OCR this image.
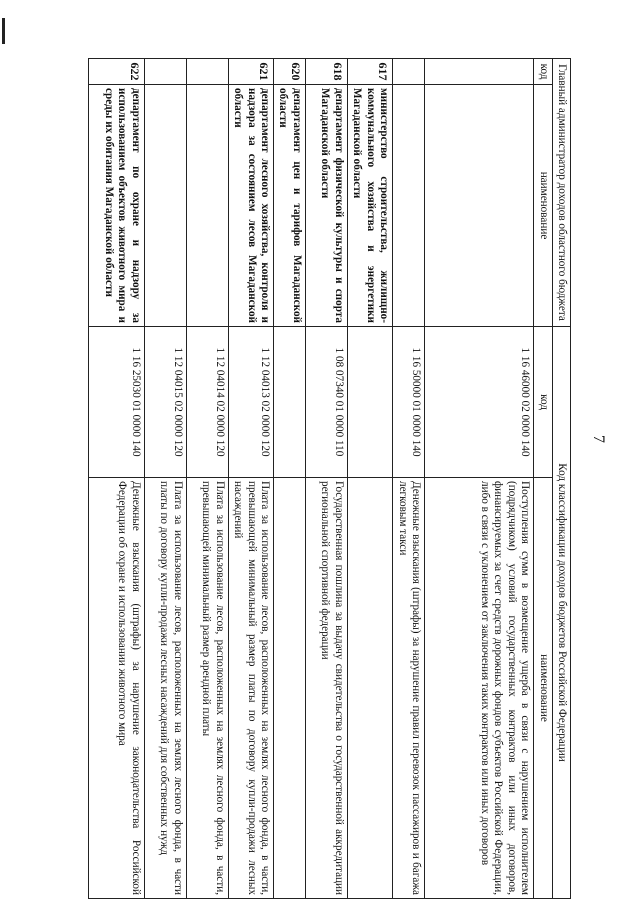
7
Главный администратор доходов областного бюджета		Код классификации доходов бюджетов Российской Федерации	
код	наименование	код	наименование
		1 16 46000 02 0000 140	Поступления сумм в возмещение ущерба в связи с нарушением исполнителем (подрядчиком) условий государственных контрактов или иных договоров, финансируемых за счет средств дорожных фондов субъектов Российской Федерации, либо в связи с уклонением от заключения таких контрактов или иных договоров
		1 16 50000 01 0000 140	Денежные взыскания (штрафы) за нарушение правил перевозок пассажиров и багажа легковым такси
617	министерство строительства, жилищно-коммунального хозяйства и энергетики Магаданской области		
618	департамент физической культуры и спорта Магаданской области	1 08 07340 01 0000 110	Государственная пошлина за выдачу свидетельства о государственной аккредитации региональной спортивной федерации
620	департамент цен и тарифов Магаданской области		
621	департамент лесного хозяйства, контроля и надзора за состоянием лесов Магаданской области	1 12 04013 02 0000 120	Плата за использование лесов, расположенных на землях лесного фонда, в части, превышающей минимальный размер платы по договору купли-продажи лесных насаждений
		1 12 04014 02 0000 120	Плата за использование лесов, расположенных на землях лесного фонда, в части, превышающей минимальный размер арендной платы
		1 12 04015 02 0000 120	Плата за использование лесов, расположенных на землях лесного фонда, в части платы по договору купли-продажи лесных насаждений для собственных нужд
622	департамент по охране и надзору за использованием объектов животного мира и среды их обитания Магаданской области	1 16 25030 01 0000 140	Денежные взыскания (штрафы) за нарушение законодательства Российской Федерации об охране и использовании животного мира
